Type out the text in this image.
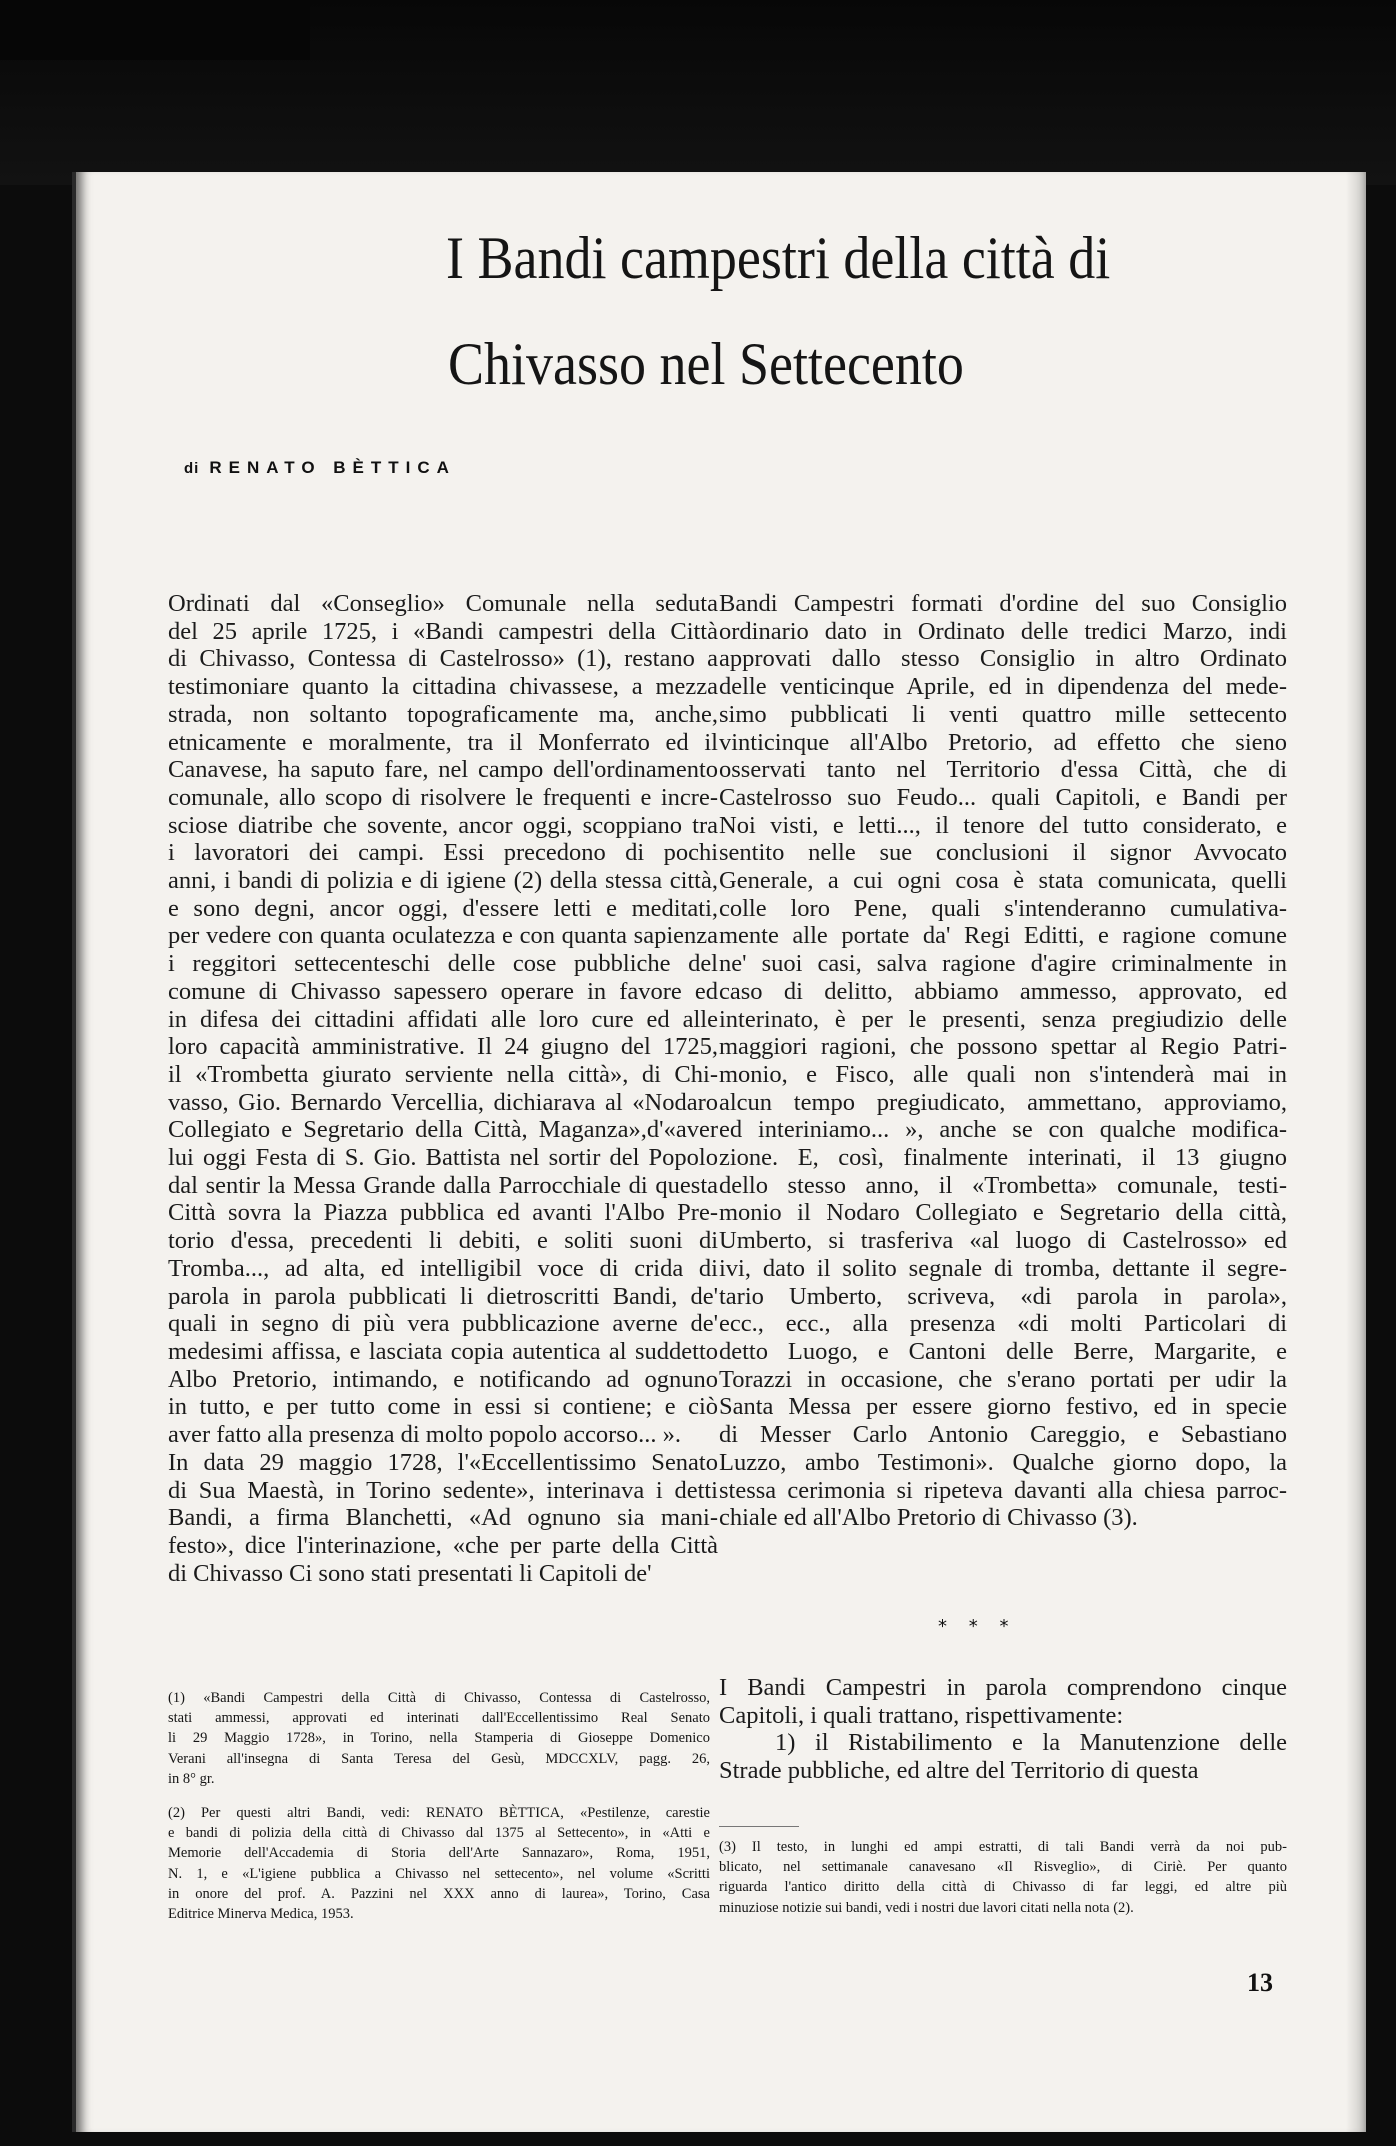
I Bandi campestri della città di
Chivasso nel Settecento
di RENATO BÈTTICA
Ordinati dal «Conseglio» Comunale nella seduta
del 25 aprile 1725, i «Bandi campestri della Città
di Chivasso, Contessa di Castelrosso» (1), restano a
testimoniare quanto la cittadina chivassese, a mezza
strada, non soltanto topograficamente ma, anche,
etnicamente e moralmente, tra il Monferrato ed il
Canavese, ha saputo fare, nel campo dell'ordinamento
comunale, allo scopo di risolvere le frequenti e incre-
sciose diatribe che sovente, ancor oggi, scoppiano tra
i lavoratori dei campi. Essi precedono di pochi
anni, i bandi di polizia e di igiene (2) della stessa città,
e sono degni, ancor oggi, d'essere letti e meditati,
per vedere con quanta oculatezza e con quanta sapienza
i reggitori settecenteschi delle cose pubbliche del
comune di Chivasso sapessero operare in favore ed
in difesa dei cittadini affidati alle loro cure ed alle
loro capacità amministrative. Il 24 giugno del 1725,
il «Trombetta giurato serviente nella città», di Chi-
vasso, Gio. Bernardo Vercellia, dichiarava al «Nodaro
Collegiato e Segretario della Città, Maganza»,d'«aver
lui oggi Festa di S. Gio. Battista nel sortir del Popolo
dal sentir la Messa Grande dalla Parrocchiale di questa
Città sovra la Piazza pubblica ed avanti l'Albo Pre-
torio d'essa, precedenti li debiti, e soliti suoni di
Tromba..., ad alta, ed intelligibil voce di crida di
parola in parola pubblicati li dietroscritti Bandi, de'
quali in segno di più vera pubblicazione averne de'
medesimi affissa, e lasciata copia autentica al suddetto
Albo Pretorio, intimando, e notificando ad ognuno
in tutto, e per tutto come in essi si contiene; e ciò
aver fatto alla presenza di molto popolo accorso... ».
In data 29 maggio 1728, l'«Eccellentissimo Senato
di Sua Maestà, in Torino sedente», interinava i detti
Bandi, a firma Blanchetti, «Ad ognuno sia mani-
festo», dice l'interinazione, «che per parte della Città
di Chivasso Ci sono stati presentati li Capitoli de'
Bandi Campestri formati d'ordine del suo Consiglio
ordinario dato in Ordinato delle tredici Marzo, indi
approvati dallo stesso Consiglio in altro Ordinato
delle venticinque Aprile, ed in dipendenza del mede-
simo pubblicati li venti quattro mille settecento
vinticinque all'Albo Pretorio, ad effetto che sieno
osservati tanto nel Territorio d'essa Città, che di
Castelrosso suo Feudo... quali Capitoli, e Bandi per
Noi visti, e letti..., il tenore del tutto considerato, e
sentito nelle sue conclusioni il signor Avvocato
Generale, a cui ogni cosa è stata comunicata, quelli
colle loro Pene, quali s'intenderanno cumulativa-
mente alle portate da' Regi Editti, e ragione comune
ne' suoi casi, salva ragione d'agire criminalmente in
caso di delitto, abbiamo ammesso, approvato, ed
interinato, è per le presenti, senza pregiudizio delle
maggiori ragioni, che possono spettar al Regio Patri-
monio, e Fisco, alle quali non s'intenderà mai in
alcun tempo pregiudicato, ammettano, approviamo,
ed interiniamo... », anche se con qualche modifica-
zione. E, così, finalmente interinati, il 13 giugno
dello stesso anno, il «Trombetta» comunale, testi-
monio il Nodaro Collegiato e Segretario della città,
Umberto, si trasferiva «al luogo di Castelrosso» ed
ivi, dato il solito segnale di tromba, dettante il segre-
tario Umberto, scriveva, «di parola in parola»,
ecc., ecc., alla presenza «di molti Particolari di
detto Luogo, e Cantoni delle Berre, Margarite, e
Torazzi in occasione, che s'erano portati per udir la
Santa Messa per essere giorno festivo, ed in specie
di Messer Carlo Antonio Careggio, e Sebastiano
Luzzo, ambo Testimoni». Qualche giorno dopo, la
stessa cerimonia si ripeteva davanti alla chiesa parroc-
chiale ed all'Albo Pretorio di Chivasso (3).
* * *
I Bandi Campestri in parola comprendono cinque
Capitoli, i quali trattano, rispettivamente:
1) il Ristabilimento e la Manutenzione delle
Strade pubbliche, ed altre del Territorio di questa
(1) «Bandi Campestri della Città di Chivasso, Contessa di Castelrosso,
stati ammessi, approvati ed interinati dall'Eccellentissimo Real Senato
li 29 Maggio 1728», in Torino, nella Stamperia di Gioseppe Domenico
Verani all'insegna di Santa Teresa del Gesù, MDCCXLV, pagg. 26,
in 8° gr.
(2) Per questi altri Bandi, vedi: RENATO BÈTTICA, «Pestilenze, carestie
e bandi di polizia della città di Chivasso dal 1375 al Settecento», in «Atti e
Memorie dell'Accademia di Storia dell'Arte Sannazaro», Roma, 1951,
N. 1, e «L'igiene pubblica a Chivasso nel settecento», nel volume «Scritti
in onore del prof. A. Pazzini nel XXX anno di laurea», Torino, Casa
Editrice Minerva Medica, 1953.
(3) Il testo, in lunghi ed ampi estratti, di tali Bandi verrà da noi pub-
blicato, nel settimanale canavesano «Il Risveglio», di Ciriè. Per quanto
riguarda l'antico diritto della città di Chivasso di far leggi, ed altre più
minuziose notizie sui bandi, vedi i nostri due lavori citati nella nota (2).
13
